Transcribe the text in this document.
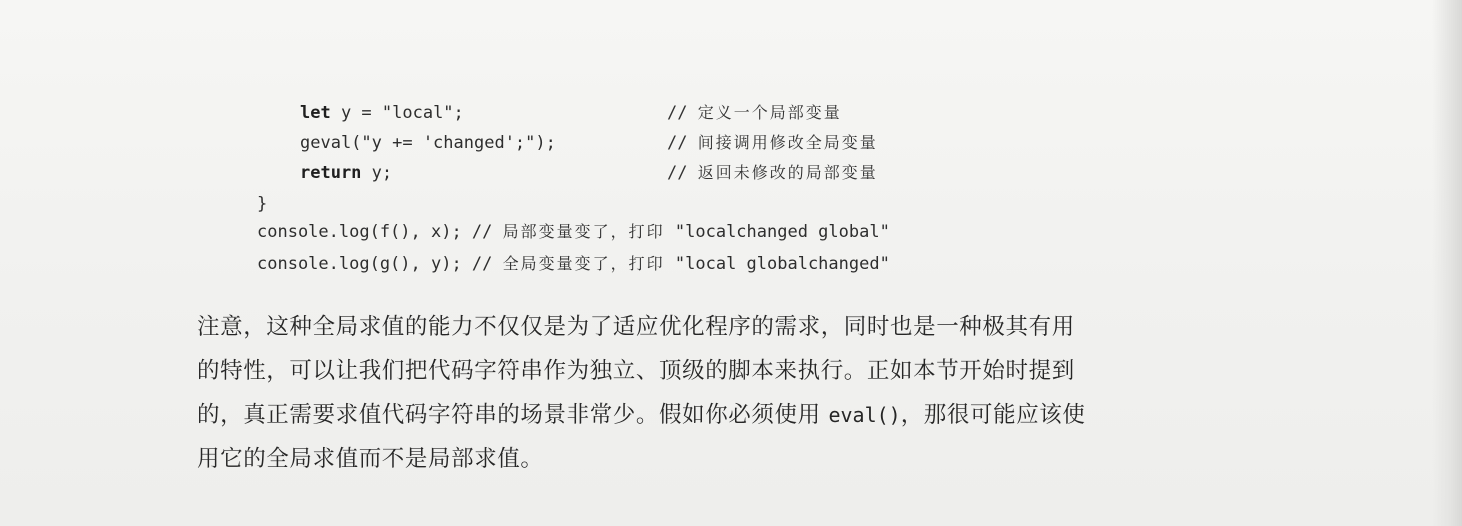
let y = "local";	// 定义一个局部变量
geval("y += 'changed';");	// 间接调用修改全局变量
return y;	// 返回未修改的局部变量
}
console.log(f(), x); // 局部变量变了，打印 "localchanged global"
console.log(g(), y); // 全局变量变了，打印 "local globalchanged"
注意，这种全局求值的能力不仅仅是为了适应优化程序的需求，同时也是一种极其有用
的特性，可以让我们把代码字符串作为独立、顶级的脚本来执行。正如本节开始时提到
的，真正需要求值代码字符串的场景非常少。假如你必须使用 eval()，那很可能应该使
用它的全局求值而不是局部求值。
